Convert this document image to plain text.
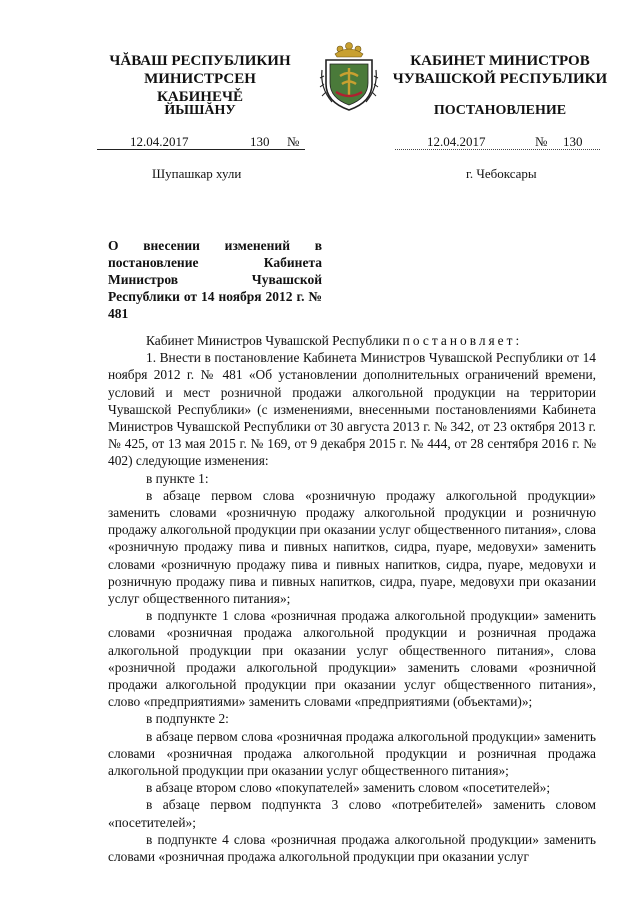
ЧĂВАШ РЕСПУБЛИКИН
МИНИСТРСЕН КАБИНЕЧĚ
ЙЫШĂНУ
КАБИНЕТ МИНИСТРОВ
ЧУВАШСКОЙ РЕСПУБЛИКИ
ПОСТАНОВЛЕНИЕ
12.04.2017	130 №	12.04.2017	№ 130
Шупашкар хули	г. Чебоксары
О внесении изменений в постановление Кабинета Министров Чувашской Республики от 14 ноября 2012 г. № 481

Кабинет Министров Чувашской Республики постановляет:

1. Внести в постановление Кабинета Министров Чувашской Республики от 14 ноября 2012 г. № 481 «Об установлении дополнительных ограничений времени, условий и мест розничной продажи алкогольной продукции на территории Чувашской Республики» (с изменениями, внесенными постановлениями Кабинета Министров Чувашской Республики от 30 августа 2013 г. № 342, от 23 октября 2013 г. № 425, от 13 мая 2015 г. № 169, от 9 декабря 2015 г. № 444, от 28 сентября 2016 г. № 402) следующие изменения:

в пункте 1:

в абзаце первом слова «розничную продажу алкогольной продукции» заменить словами «розничную продажу алкогольной продукции и розничную продажу алкогольной продукции при оказании услуг общественного питания», слова «розничную продажу пива и пивных напитков, сидра, пуаре, медовухи» заменить словами «розничную продажу пива и пивных напитков, сидра, пуаре, медовухи и розничную продажу пива и пивных напитков, сидра, пуаре, медовухи при оказании услуг общественного питания»;

в подпункте 1 слова «розничная продажа алкогольной продукции» заменить словами «розничная продажа алкогольной продукции и розничная продажа алкогольной продукции при оказании услуг общественного питания», слова «розничной продажи алкогольной продукции» заменить словами «розничной продажи алкогольной продукции при оказании услуг общественного питания», слово «предприятиями» заменить словами «предприятиями (объектами)»;

в подпункте 2:

в абзаце первом слова «розничная продажа алкогольной продукции» заменить словами «розничная продажа алкогольной продукции и розничная продажа алкогольной продукции при оказании услуг общественного питания»;

в абзаце втором слово «покупателей» заменить словом «посетителей»;

в абзаце первом подпункта 3 слово «потребителей» заменить словом «посетителей»;

в подпункте 4 слова «розничная продажа алкогольной продукции» заменить словами «розничная продажа алкогольной продукции при оказании услуг
